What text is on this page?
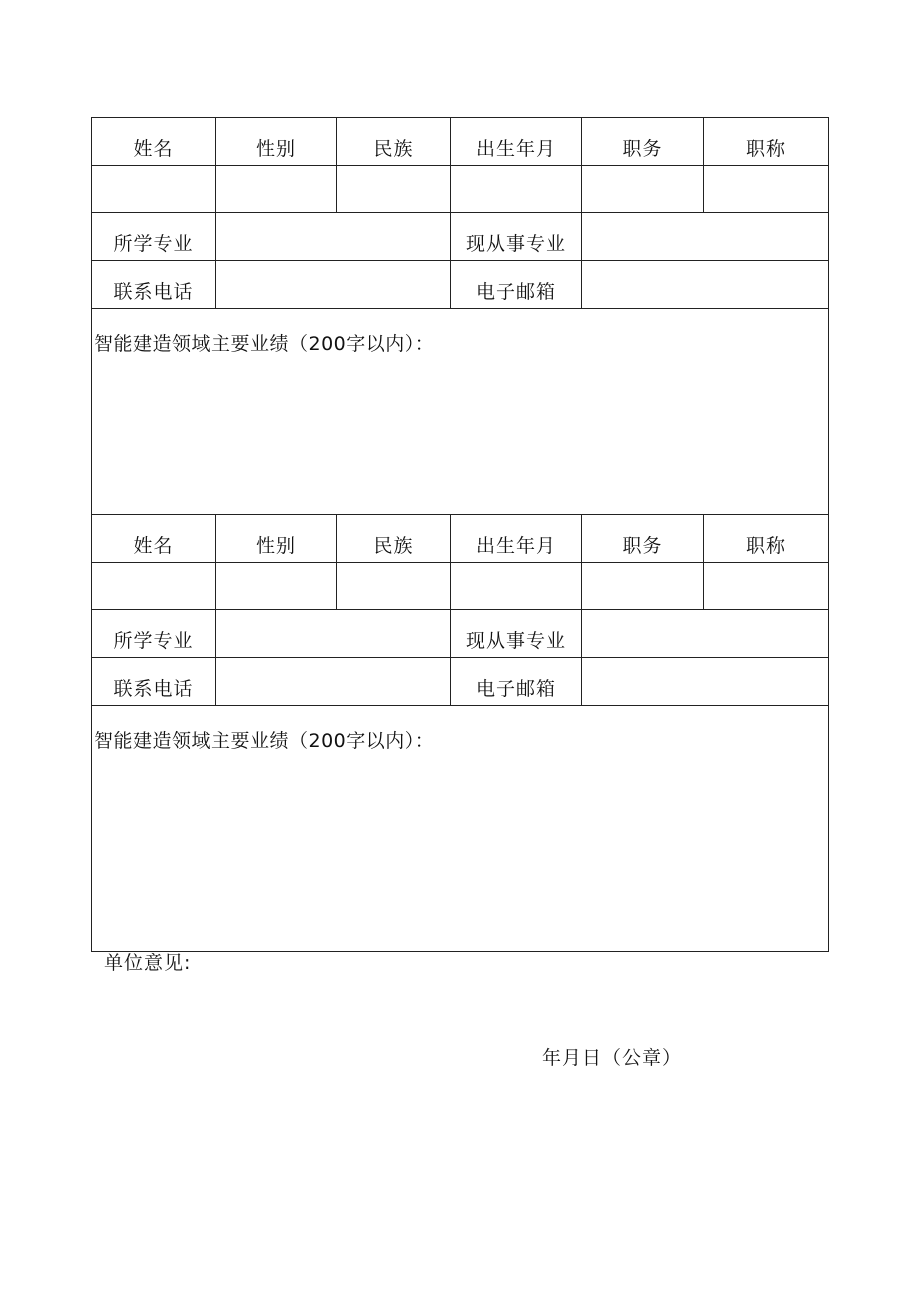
姓名	性别	民族	出生年月	职务	职称

所学专业			现从事专业		
联系电话			电子邮箱		
智能建造领域主要业绩（200字以内）：					
姓名	性别	民族	出生年月	职务	职称

所学专业			现从事专业		
联系电话			电子邮箱		
智能建造领域主要业绩（200字以内）：					
单位意见:
年月日（公章）
